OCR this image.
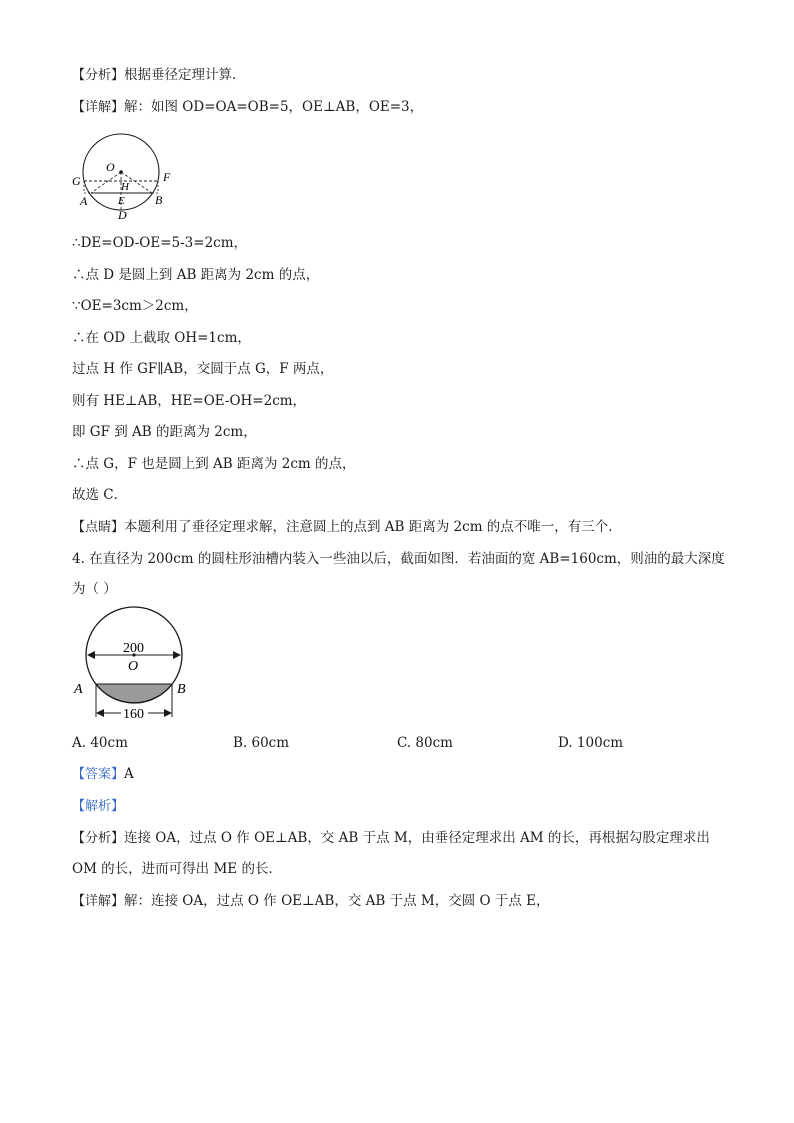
【分析】根据垂径定理计算．

【详解】解：如图 OD=OA=OB=5，OE⊥AB，OE=3，

O
G	F
H
A	E	B
D

∴DE=OD-OE=5-3=2cm，

∴点 D 是圆上到 AB 距离为 2cm 的点，

∵OE=3cm＞2cm，

∴在 OD 上截取 OH=1cm，

过点 H 作 GF∥AB，交圆于点 G，F 两点，

则有 HE⊥AB，HE=OE-OH=2cm，

即 GF 到 AB 的距离为 2cm，

∴点 G，F 也是圆上到 AB 距离为 2cm 的点，

故选 C．

【点睛】本题利用了垂径定理求解，注意圆上的点到 AB 距离为 2cm 的点不唯一，有三个．

4. 在直径为 200cm 的圆柱形油槽内装入一些油以后，截面如图．若油面的宽 AB=160cm，则油的最大深度

为（ ）

200
O
A	B
160
A. 40cm	B. 60cm	C. 80cm	D. 100cm

【答案】A

【解析】

【分析】连接 OA，过点 O 作 OE⊥AB，交 AB 于点 M，由垂径定理求出 AM 的长，再根据勾股定理求出

OM 的长，进而可得出 ME 的长．

【详解】解：连接 OA，过点 O 作 OE⊥AB，交 AB 于点 M，交圆 O 于点 E，
